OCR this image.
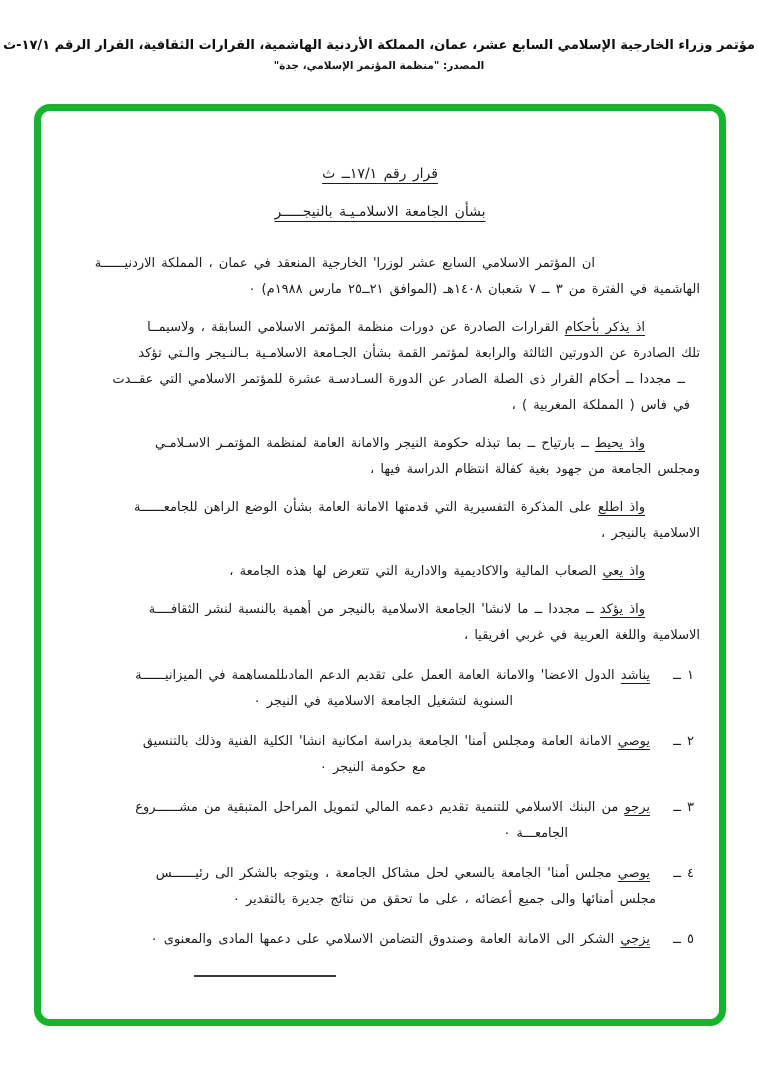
مؤتمر وزراء الخارجية الإسلامي السابع عشر، عمان، المملكة الأردنية الهاشمية، القرارات الثقافية، القرار الرقم ١٧/١-ث
المصدر: "منظمة المؤتمر الإسلامي، جدة"
قرار رقم ١٧/١ــ ث
بشأن الجامعة الاسلامـيـة بالنيجـــــر
ان المؤتمر الاسلامي السابع عشر لوزرا' الخارجية المنعقد في عمان ، المملكة الاردنيــــــة
الهاشمية في الفترة من ٣ ــ ٧ شعبان ١٤٠٨هـ (الموافق ٢١ــ٢٥ مارس ١٩٨٨م) ٠
اذ يذكر بأحكام القرارات الصادرة عن دورات منظمة المؤتمر الاسلامي السابقة ، ولاسيمــا
تلك الصادرة عن الدورتين الثالثة والرابعة لمؤتمر القمة بشأن الجـامعة الاسلامـية بـالنـيجر والـتي تؤكد
ــ مجددا ــ أحكام القرار ذى الصلة الصادر عن الدورة السـادسـة عشرة للمؤتمر الاسلامي التي عقــدت
في فاس ( المملكة المغربية ) ،
واذ يحيط ــ بارتياح ــ بما تبذله حكومة النيجر والامانة العامة لمنظمة المؤتمـر الاسـلامـي
ومجلس الجامعة من جهود بغية كفالة انتظام الدراسة فيها ،
واذ اطلع على المذكرة التفسيرية التي قدمتها الامانة العامة بشأن الوضع الراهن للجامعــــــة
الاسلامية بالنيجر ،
واذ يعي الصعاب المالية والاكاديمية والادارية التي تتعرض لها هذه الجامعة ،
واذ يؤكد ــ مجددا ــ ما لانشا' الجامعة الاسلامية بالنيجر من أهمية بالنسبة لنشر الثقافــــة
الاسلامية واللغة العربية في غربي افريقيا ،
١ ــيناشد الدول الاعضا' والامانة العامة العمل على تقديم الدعم المادىللمساهمة في الميزانيــــــة
السنوية لتشغيل الجامعة الاسلامية في النيجر ٠
٢ ــيوصي الامانة العامة ومجلس أمنا' الجامعة بدراسة امكانية انشا' الكلية الفنية وذلك بالتنسيق
مع حكومة النيجر ٠
٣ ــيرجو من البنك الاسلامي للتنمية تقديم دعمه المالي لتمويل المراحل المتبقية من مشــــــروع
الجامعـــة ٠
٤ ــيوصي مجلس أمنا' الجامعة بالسعي لحل مشاكل الجامعة ، ويتوجه بالشكر الى رئيــــــس
مجلس أمنائها والى جميع أعضائه ، على ما تحقق من نتائج جديرة بالتقدير ٠
٥ ــيزجي الشكر الى الامانة العامة وصندوق التضامن الاسلامي على دعمها المادى والمعنوى ٠
